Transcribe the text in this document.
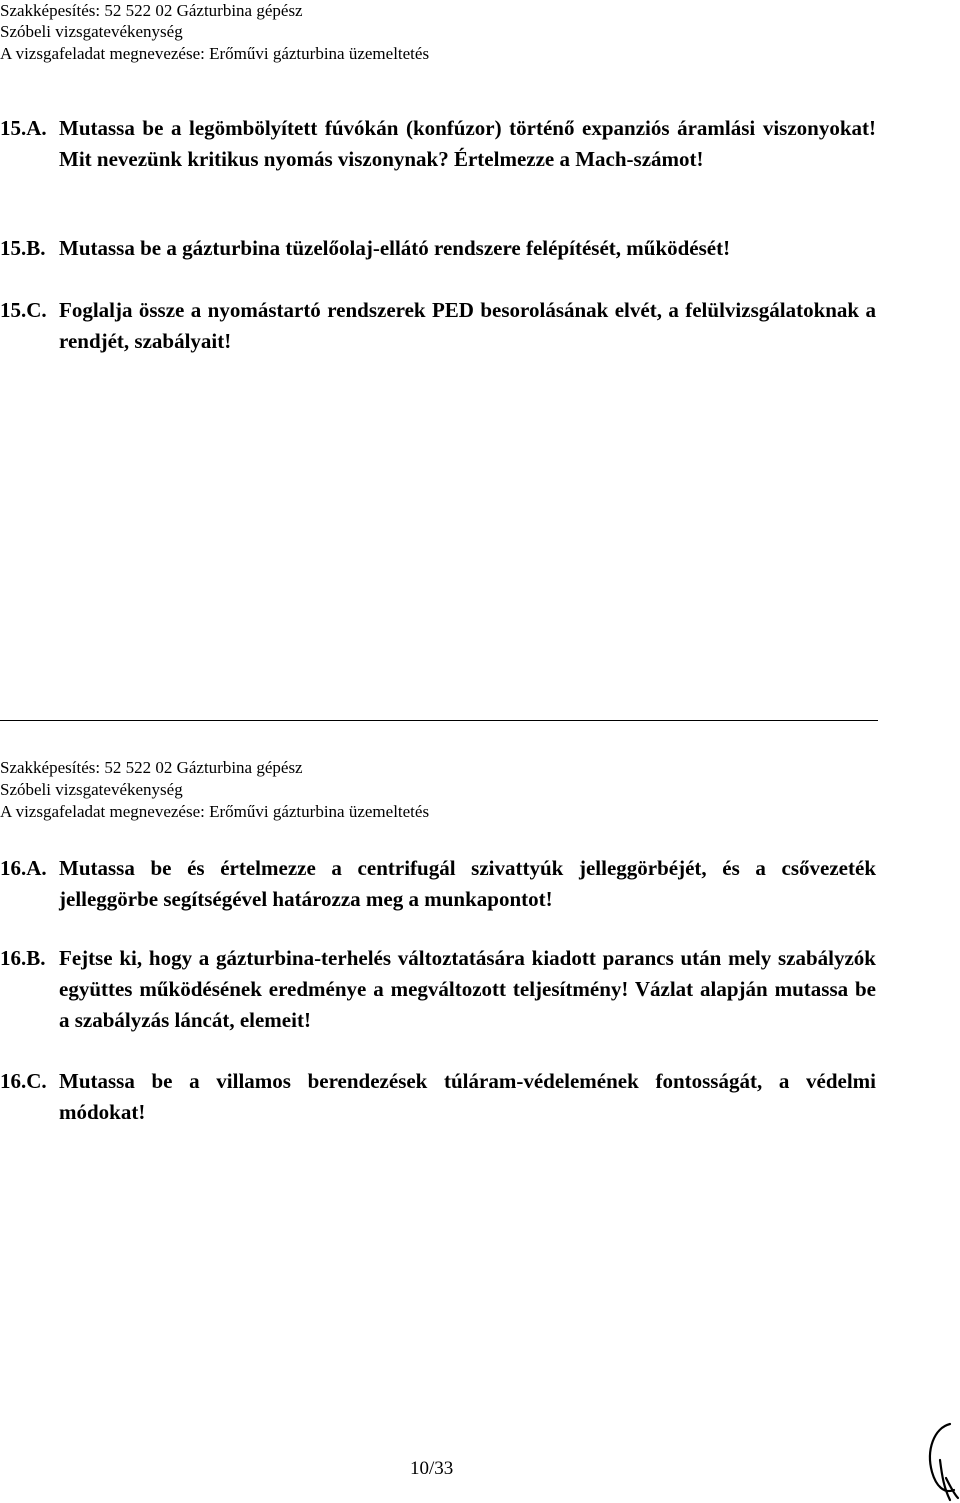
Szakképesítés: 52 522 02 Gázturbina gépész
Szóbeli vizsgatevékenység
A vizsgafeladat megnevezése: Erőművi gázturbina üzemeltetés
15.A. Mutassa be a legömbölyített fúvókán (konfúzor) történő expanziós áramlási viszonyokat! Mit nevezünk kritikus nyomás viszonynak? Értelmezze a Mach-számot!
15.B. Mutassa be a gázturbina tüzelőolaj-ellátó rendszere felépítését, működését!
15.C. Foglalja össze a nyomástartó rendszerek PED besorolásának elvét, a felülvizsgálatoknak a rendjét, szabályait!
Szakképesítés: 52 522 02 Gázturbina gépész
Szóbeli vizsgatevékenység
A vizsgafeladat megnevezése: Erőművi gázturbina üzemeltetés
16.A. Mutassa be és értelmezze a centrifugál szivattyúk jelleggörbéjét, és a csővezeték jelleggörbe segítségével határozza meg a munkapontot!
16.B. Fejtse ki, hogy a gázturbina-terhelés változtatására kiadott parancs után mely szabályzók együttes működésének eredménye a megváltozott teljesítmény! Vázlat alapján mutassa be a szabályzás láncát, elemeit!
16.C. Mutassa be a villamos berendezések túláram-védelemének fontosságát, a védelmi módokat!
10/33
